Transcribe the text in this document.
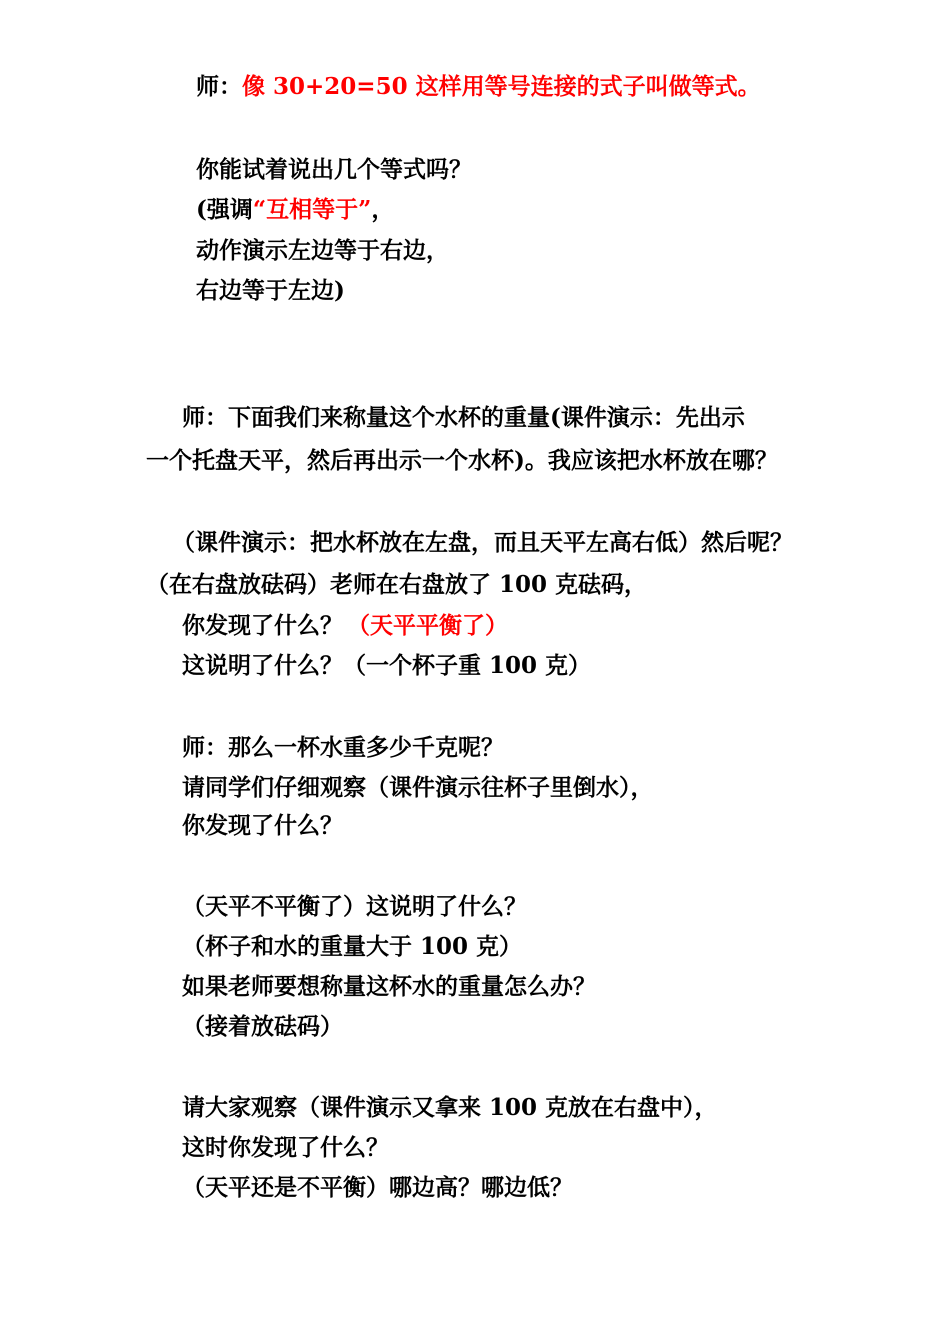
师：像 30+20=50 这样用等号连接的式子叫做等式。
你能试着说出几个等式吗？
(强调“互相等于”，
动作演示左边等于右边，
右边等于左边)
师：下面我们来称量这个水杯的重量(课件演示：先出示
一个托盘天平，然后再出示一个水杯)。我应该把水杯放在哪？
（课件演示：把水杯放在左盘，而且天平左高右低）然后呢？
（在右盘放砝码）老师在右盘放了 100 克砝码，
你发现了什么？ （天平平衡了）
这说明了什么？（一个杯子重 100 克）
师：那么一杯水重多少千克呢？
请同学们仔细观察（课件演示往杯子里倒水），
你发现了什么？
（天平不平衡了）这说明了什么？
（杯子和水的重量大于 100 克）
如果老师要想称量这杯水的重量怎么办？
（接着放砝码）
请大家观察（课件演示又拿来 100 克放在右盘中），
这时你发现了什么？
（天平还是不平衡）哪边高？哪边低？
